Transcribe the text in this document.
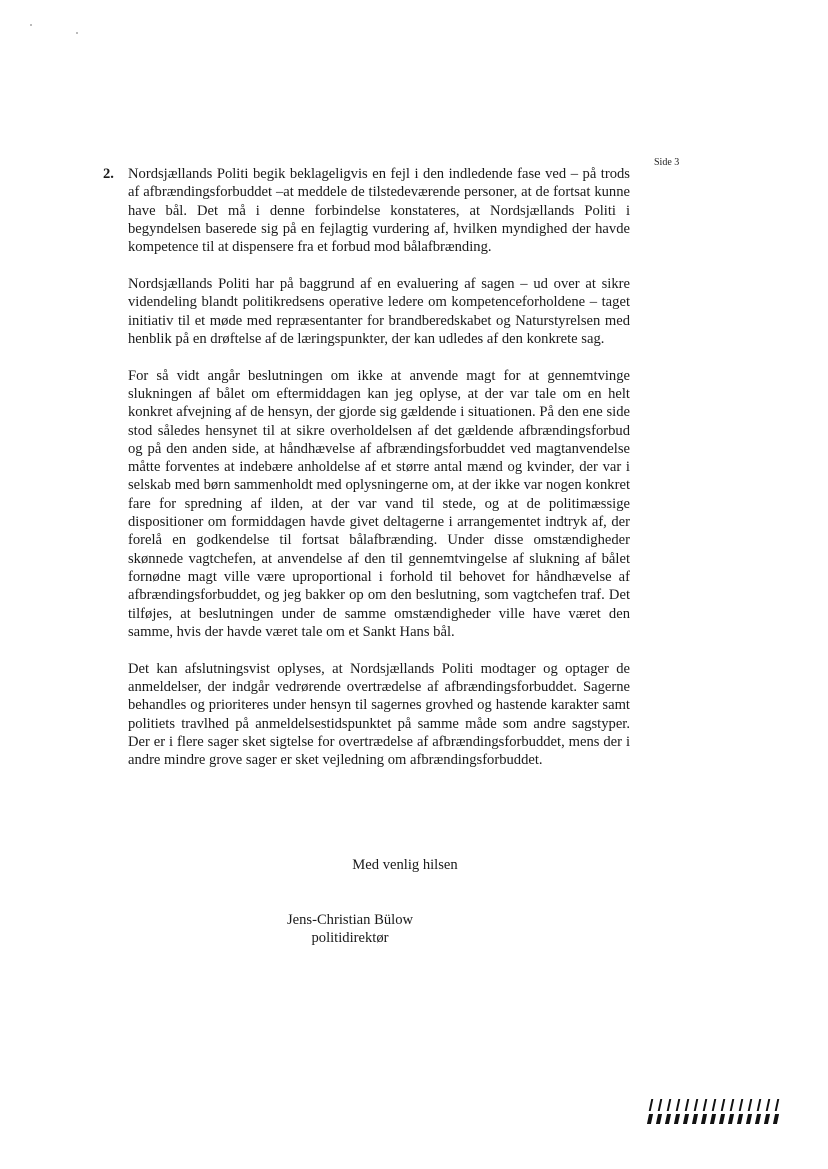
Side 3
2. Nordsjællands Politi begik beklageligvis en fejl i den indledende fase ved – på trods af afbrændingsforbuddet –at meddele de tilstedeværende personer, at de fortsat kunne have bål. Det må i denne forbindelse konstateres, at Nordsjællands Politi i begyndelsen baserede sig på en fejlagtig vurdering af, hvilken myndighed der havde kompetence til at dispensere fra et forbud mod bålafbrænding.

Nordsjællands Politi har på baggrund af en evaluering af sagen – ud over at sikre videndeling blandt politikredsens operative ledere om kompetenceforholdene – taget initiativ til et møde med repræsentanter for brandberedskabet og Naturstyrelsen med henblik på en drøftelse af de læringspunkter, der kan udledes af den konkrete sag.

For så vidt angår beslutningen om ikke at anvende magt for at gennemtvinge slukningen af bålet om eftermiddagen kan jeg oplyse, at der var tale om en helt konkret afvejning af de hensyn, der gjorde sig gældende i situationen. På den ene side stod således hensynet til at sikre overholdelsen af det gældende afbrændingsforbud og på den anden side, at håndhævelse af afbrændingsforbuddet ved magtanvendelse måtte forventes at indebære anholdelse af et større antal mænd og kvinder, der var i selskab med børn sammenholdt med oplysningerne om, at der ikke var nogen konkret fare for spredning af ilden, at der var vand til stede, og at de politimæssige dispositioner om formiddagen havde givet deltagerne i arrangementet indtryk af, der forelå en godkendelse til fortsat bålafbrænding. Under disse omstændigheder skønnede vagtchefen, at anvendelse af den til gennemtvingelse af slukning af bålet fornødne magt ville være uproportional i forhold til behovet for håndhævelse af afbrændingsforbuddet, og jeg bakker op om den beslutning, som vagtchefen traf. Det tilføjes, at beslutningen under de samme omstændigheder ville have været den samme, hvis der havde været tale om et Sankt Hans bål.

Det kan afslutningsvist oplyses, at Nordsjællands Politi modtager og optager de anmeldelser, der indgår vedrørende overtrædelse af afbrændingsforbuddet. Sagerne behandles og prioriteres under hensyn til sagernes grovhed og hastende karakter samt politiets travlhed på anmeldelsestidspunktet på samme måde som andre sagstyper. Der er i flere sager sket sigtelse for overtrædelse af afbrændingsforbuddet, mens der i andre mindre grove sager er sket vejledning om afbrændingsforbuddet.

Med venlig hilsen
Jens-Christian Bülow
politidirektør
